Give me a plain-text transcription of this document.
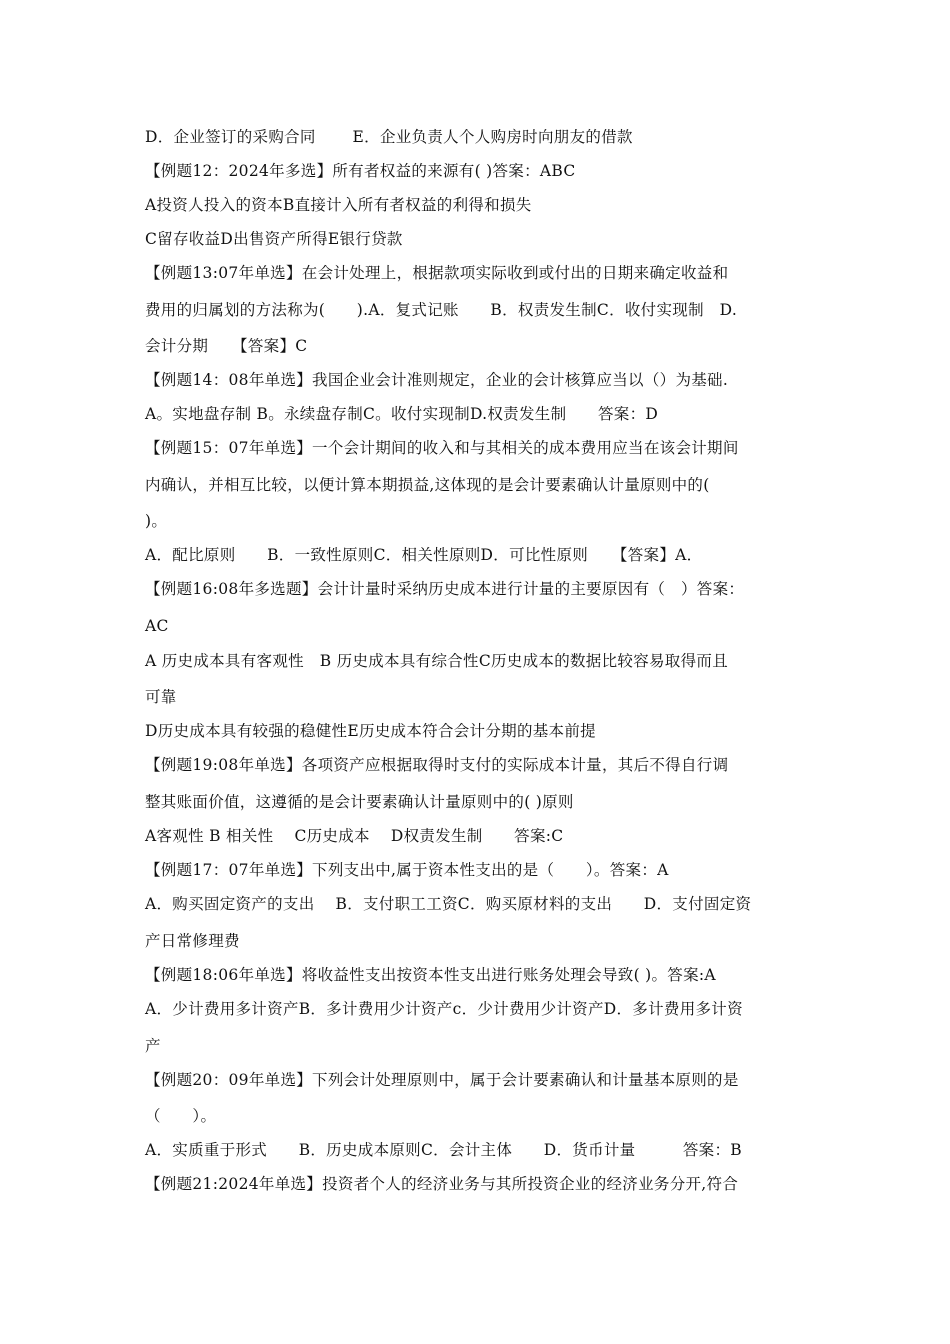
D．企业签订的采购合同　　 E．企业负责人个人购房时向朋友的借款
【例题12：2024年多选】所有者权益的来源有( )答案：ABC
A投资人投入的资本B直接计入所有者权益的利得和损失
C留存收益D出售资产所得E银行贷款
【例题13:07年单选】在会计处理上，根据款项实际收到或付出的日期来确定收益和
费用的归属划的方法称为(　　).A．复式记账　　B．权责发生制C．收付实现制　D.
会计分期　　【答案】C
【例题14：08年单选】我国企业会计准则规定，企业的会计核算应当以（）为基础.
A。实地盘存制 B。永续盘存制C。收付实现制D.权责发生制　　答案：D
【例题15：07年单选】一个会计期间的收入和与其相关的成本费用应当在该会计期间
内确认，并相互比较，以便计算本期损益,这体现的是会计要素确认计量原则中的(
)。
A．配比原则　　B．一致性原则C．相关性原则D．可比性原则　　【答案】A．
【例题16:08年多选题】会计计量时采纳历史成本进行计量的主要原因有（　）答案：
AC
A 历史成本具有客观性　B 历史成本具有综合性C历史成本的数据比较容易取得而且
可靠
D历史成本具有较强的稳健性E历史成本符合会计分期的基本前提
【例题19:08年单选】各项资产应根据取得时支付的实际成本计量，其后不得自行调
整其账面价值，这遵循的是会计要素确认计量原则中的( )原则
A客观性 B 相关性　 C历史成本　 D权责发生制　　答案:C
【例题17：07年单选】下列支出中,属于资本性支出的是（　　）。答案：A
A．购买固定资产的支出　 B．支付职工工资C．购买原材料的支出　　D．支付固定资
产日常修理费
【例题18:06年单选】将收益性支出按资本性支出进行账务处理会导致( )。答案:A
A．少计费用多计资产B．多计费用少计资产c．少计费用少计资产D．多计费用多计资
产
【例题20：09年单选】下列会计处理原则中，属于会计要素确认和计量基本原则的是
（　　）。
A．实质重于形式　　B．历史成本原则C．会计主体　　D．货币计量　　　答案：B
【例题21:2024年单选】投资者个人的经济业务与其所投资企业的经济业务分开,符合
